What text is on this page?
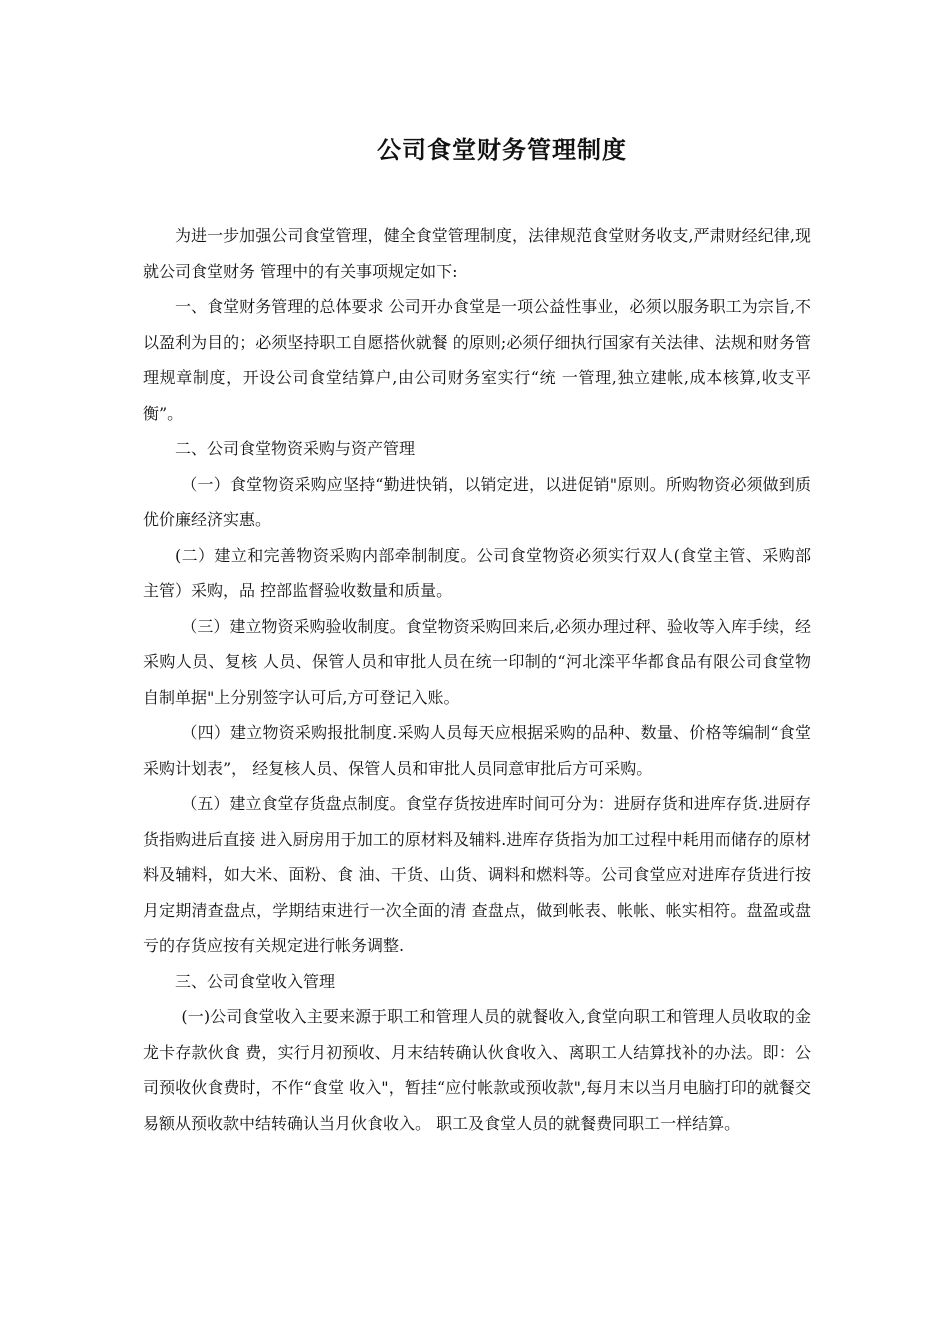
公司食堂财务管理制度

为进一步加强公司食堂管理，健全食堂管理制度，法律规范食堂财务收支,严肃财经纪律,现就公司食堂财务 管理中的有关事项规定如下:

一、食堂财务管理的总体要求 公司开办食堂是一项公益性事业，必须以服务职工为宗旨,不以盈利为目的；必须坚持职工自愿搭伙就餐 的原则;必须仔细执行国家有关法律、法规和财务管理规章制度，开设公司食堂结算户,由公司财务室实行“统 一管理,独立建帐,成本核算,收支平衡”。

二、公司食堂物资采购与资产管理

（一）食堂物资采购应坚持“勤进快销，以销定进，以进促销"原则。所购物资必须做到质优价廉经济实惠。

(二）建立和完善物资采购内部牵制制度。公司食堂物资必须实行双人(食堂主管、采购部主管）采购，品 控部监督验收数量和质量。

（三）建立物资采购验收制度。食堂物资采购回来后,必须办理过秤、验收等入库手续，经采购人员、复核 人员、保管人员和审批人员在统一印制的“河北滦平华都食品有限公司食堂物自制单据"上分别签字认可后,方可登记入账。

（四）建立物资采购报批制度.采购人员每天应根据采购的品种、数量、价格等编制“食堂采购计划表”， 经复核人员、保管人员和审批人员同意审批后方可采购。

（五）建立食堂存货盘点制度。食堂存货按进库时间可分为：进厨存货和进库存货.进厨存货指购进后直接 进入厨房用于加工的原材料及辅料.进库存货指为加工过程中耗用而储存的原材料及辅料，如大米、面粉、食 油、干货、山货、调料和燃料等。公司食堂应对进库存货进行按月定期清查盘点，学期结束进行一次全面的清 查盘点，做到帐表、帐帐、帐实相符。盘盈或盘亏的存货应按有关规定进行帐务调整.

三、公司食堂收入管理

(一)公司食堂收入主要来源于职工和管理人员的就餐收入,食堂向职工和管理人员收取的金龙卡存款伙食 费，实行月初预收、月末结转确认伙食收入、离职工人结算找补的办法。即：公司预收伙食费时，不作“食堂 收入"，暂挂“应付帐款或预收款",每月末以当月电脑打印的就餐交易额从预收款中结转确认当月伙食收入。 职工及食堂人员的就餐费同职工一样结算。
